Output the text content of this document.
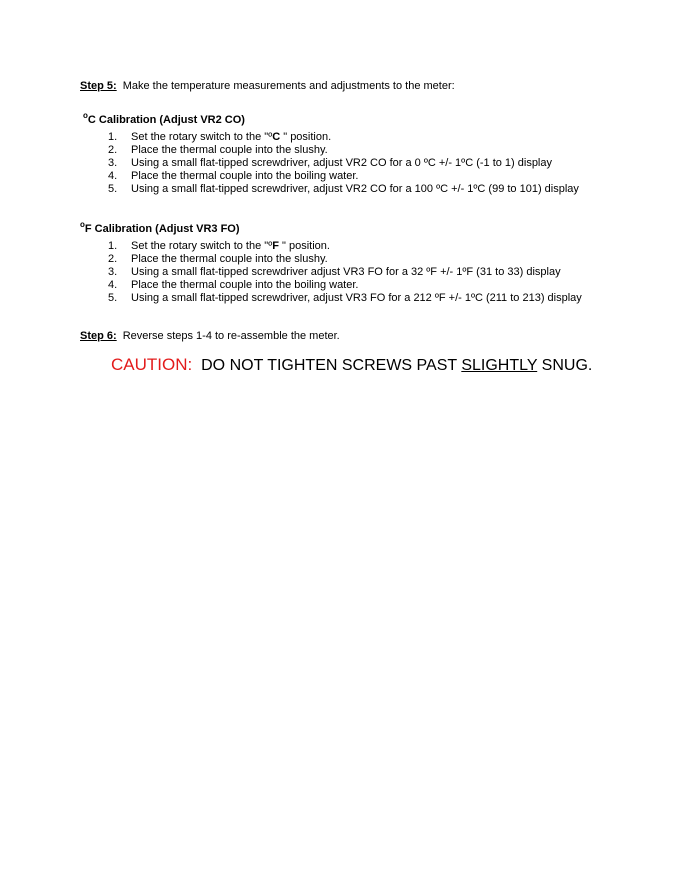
Step 5: Make the temperature measurements and adjustments to the meter:
$^o$C Calibration (Adjust VR2 CO)
1. Set the rotary switch to the "ºC " position.
2. Place the thermal couple into the slushy.
3. Using a small flat-tipped screwdriver, adjust VR2 CO for a 0 ºC +/- 1ºC (-1 to 1) display
4. Place the thermal couple into the boiling water.
5. Using a small flat-tipped screwdriver, adjust VR2 CO for a 100 ºC +/- 1ºC (99 to 101) display
$^o$F Calibration (Adjust VR3 FO)
1. Set the rotary switch to the "ºF " position.
2. Place the thermal couple into the slushy.
3. Using a small flat-tipped screwdriver adjust VR3 FO for a 32 ºF +/- 1ºF (31 to 33) display
4. Place the thermal couple into the boiling water.
5. Using a small flat-tipped screwdriver, adjust VR3 FO for a 212 ºF +/- 1ºC (211 to 213) display
Step 6: Reverse steps 1-4 to re-assemble the meter.
CAUTION: DO NOT TIGHTEN SCREWS PAST SLIGHTLY SNUG.
